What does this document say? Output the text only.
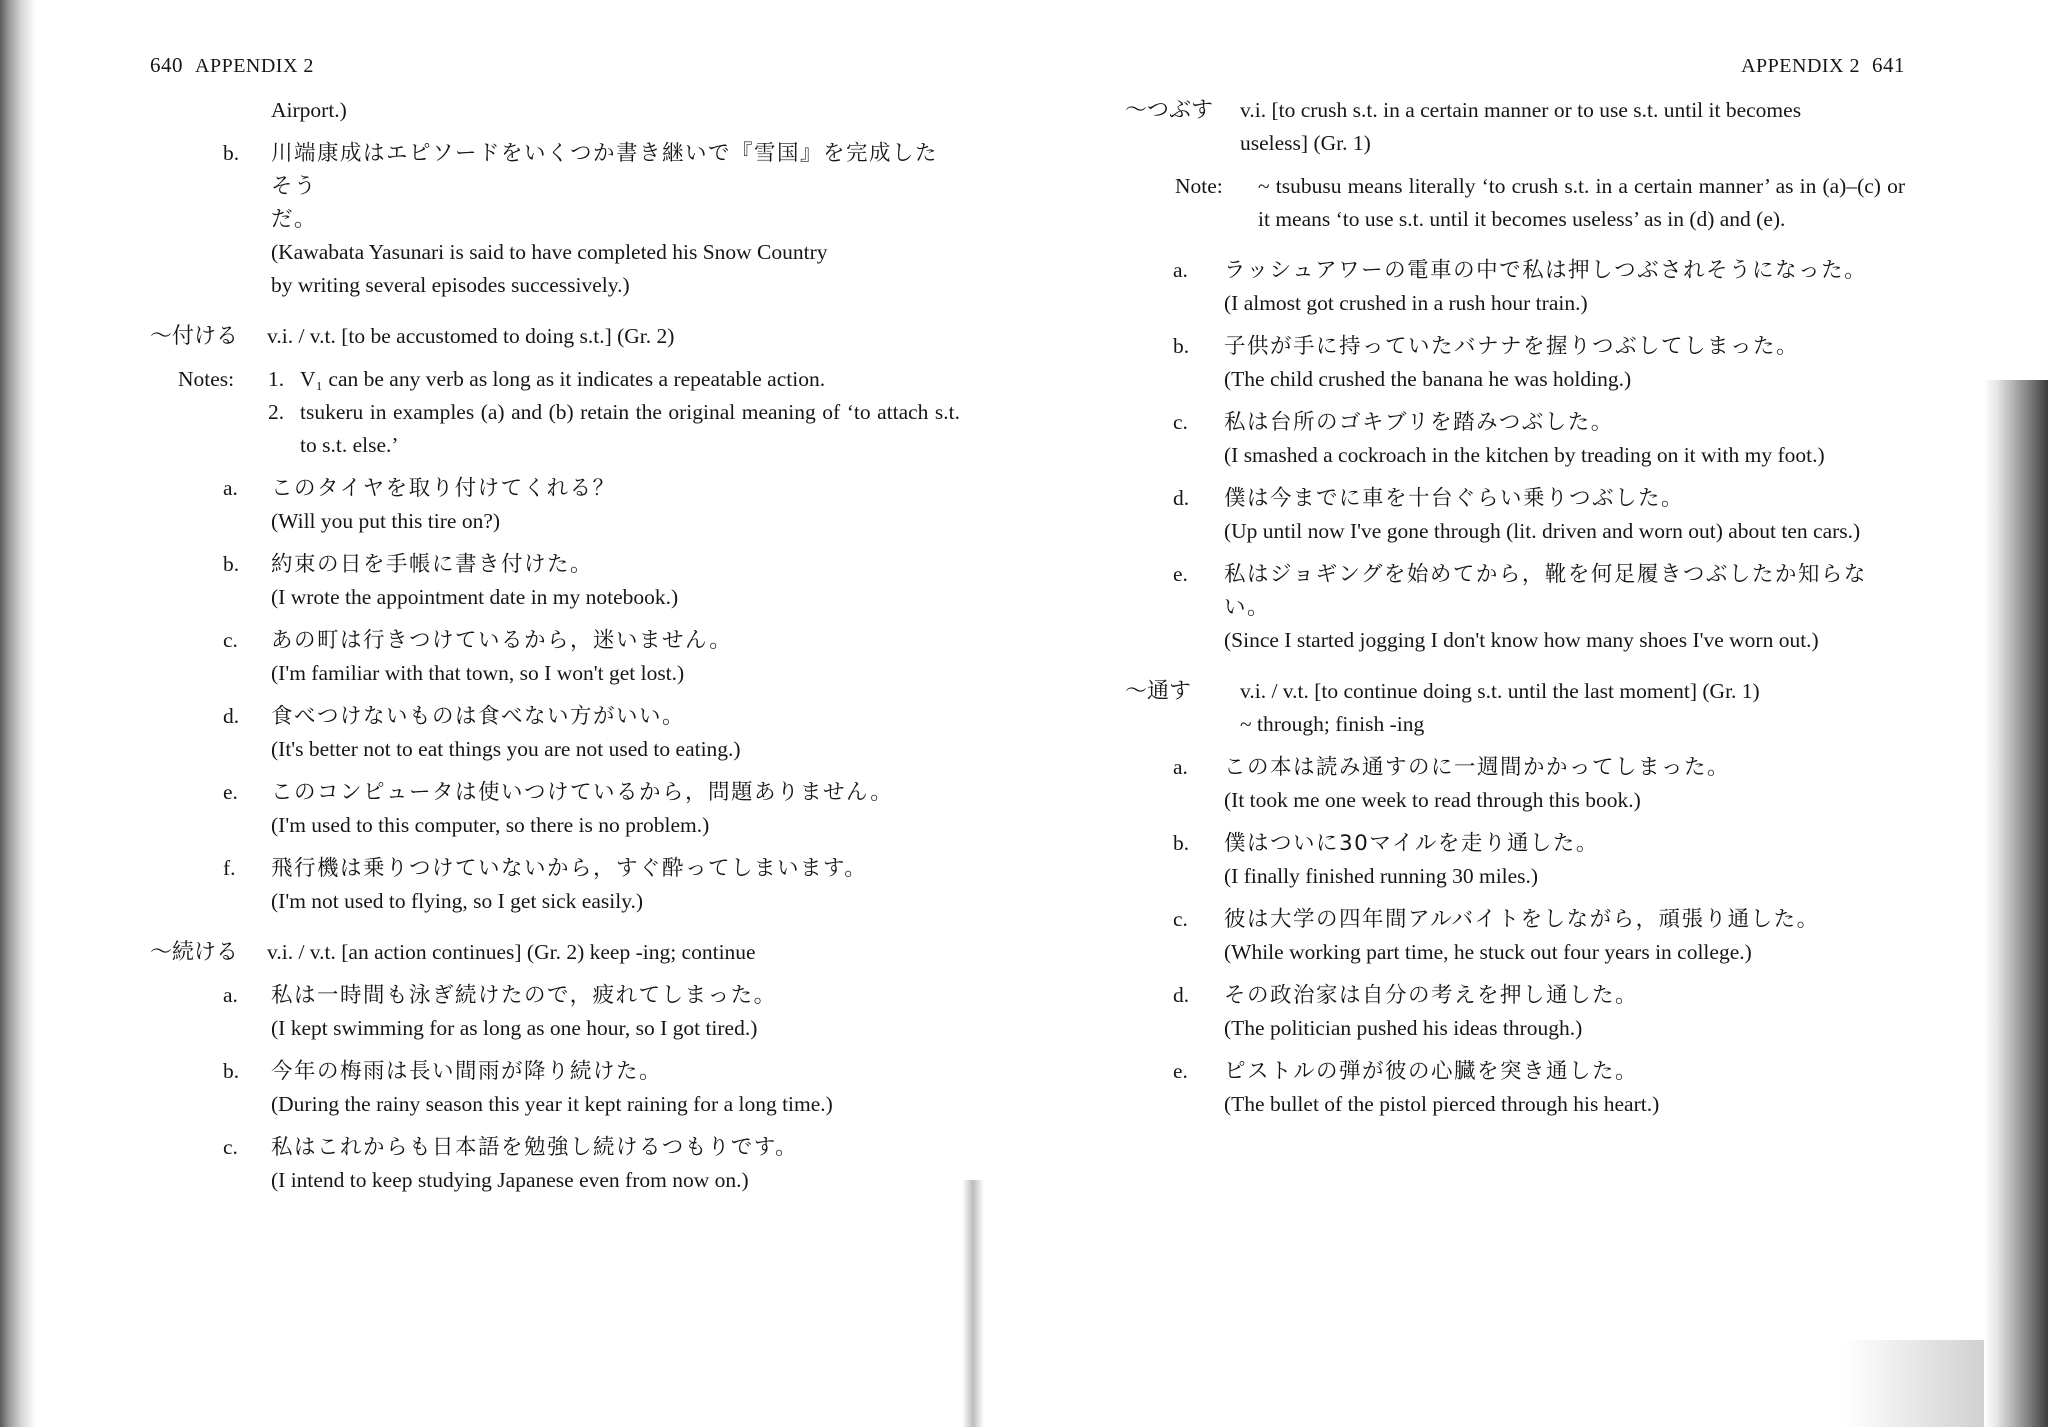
640 APPENDIX 2
Airport.)
b. 川端康成はエピソードをいくつか書き継いで『雪国』を完成したそう
だ。
(Kawabata Yasunari is said to have completed his Snow Country
by writing several episodes successively.)
〜付ける	v.i. / v.t. [to be accustomed to doing s.t.] (Gr. 2)
Notes:	1. V₁ can be any verb as long as it indicates a repeatable action.
2. tsukeru in examples (a) and (b) retain the original meaning of ‘to attach s.t. to s.t. else.’
a. このタイヤを取り付けてくれる？
(Will you put this tire on?)
b. 約束の日を手帳に書き付けた。
(I wrote the appointment date in my notebook.)
c. あの町は行きつけているから，迷いません。
(I'm familiar with that town, so I won't get lost.)
d. 食べつけないものは食べない方がいい。
(It's better not to eat things you are not used to eating.)
e. このコンピュータは使いつけているから，問題ありません。
(I'm used to this computer, so there is no problem.)
f. 飛行機は乗りつけていないから，すぐ酔ってしまいます。
(I'm not used to flying, so I get sick easily.)
〜続ける	v.i. / v.t. [an action continues] (Gr. 2) keep -ing; continue
a. 私は一時間も泳ぎ続けたので，疲れてしまった。
(I kept swimming for as long as one hour, so I got tired.)
b. 今年の梅雨は長い間雨が降り続けた。
(During the rainy season this year it kept raining for a long time.)
c. 私はこれからも日本語を勉強し続けるつもりです。
(I intend to keep studying Japanese even from now on.)
APPENDIX 2 641
〜つぶす	v.i. [to crush s.t. in a certain manner or to use s.t. until it becomes
useless] (Gr. 1)
Note:	~ tsubusu means literally ‘to crush s.t. in a certain manner’ as in (a)–(c) or it means ‘to use s.t. until it becomes useless’ as in (d) and (e).
a. ラッシュアワーの電車の中で私は押しつぶされそうになった。
(I almost got crushed in a rush hour train.)
b. 子供が手に持っていたバナナを握りつぶしてしまった。
(The child crushed the banana he was holding.)
c. 私は台所のゴキブリを踏みつぶした。
(I smashed a cockroach in the kitchen by treading on it with my foot.)
d. 僕は今までに車を十台ぐらい乗りつぶした。
(Up until now I've gone through (lit. driven and worn out) about ten cars.)
e. 私はジョギングを始めてから，靴を何足履きつぶしたか知らない。
(Since I started jogging I don't know how many shoes I've worn out.)
〜通す	v.i. / v.t. [to continue doing s.t. until the last moment] (Gr. 1)
~ through; finish -ing
a. この本は読み通すのに一週間かかってしまった。
(It took me one week to read through this book.)
b. 僕はついに30マイルを走り通した。
(I finally finished running 30 miles.)
c. 彼は大学の四年間アルバイトをしながら，頑張り通した。
(While working part time, he stuck out four years in college.)
d. その政治家は自分の考えを押し通した。
(The politician pushed his ideas through.)
e. ピストルの弾が彼の心臓を突き通した。
(The bullet of the pistol pierced through his heart.)
